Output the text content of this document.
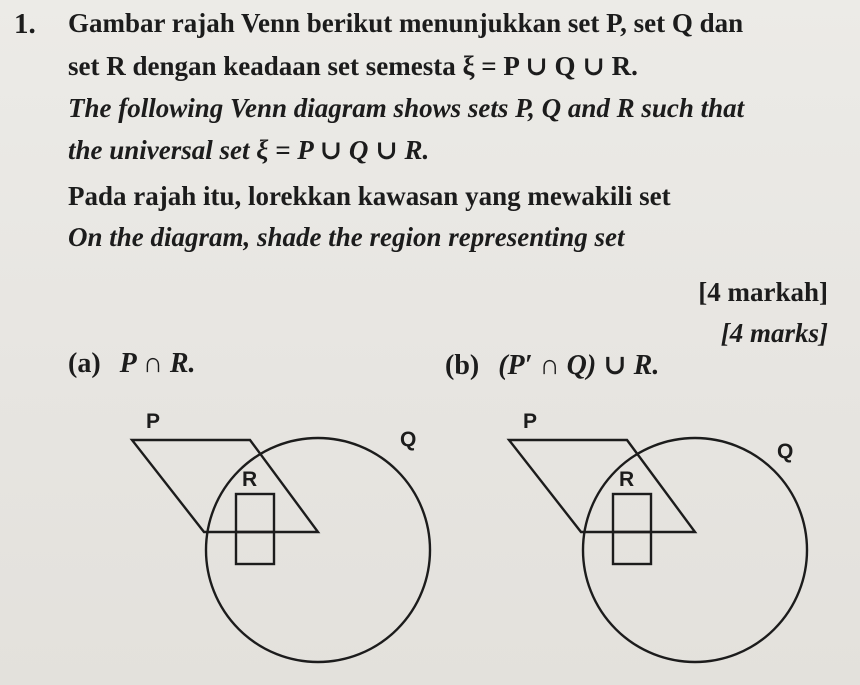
1. Gambar rajah Venn berikut menunjukkan set P, set Q dan
set R dengan keadaan set semesta ξ = P ∪ Q ∪ R.
The following Venn diagram shows sets P, Q and R such that
the universal set ξ = P ∪ Q ∪ R.
Pada rajah itu, lorekkan kawasan yang mewakili set
On the diagram, shade the region representing set
[4 markah]
[4 marks]
(a) P ∩ R.	(b) (P′ ∩ Q) ∪ R.
P
Q
R
P
Q
R
